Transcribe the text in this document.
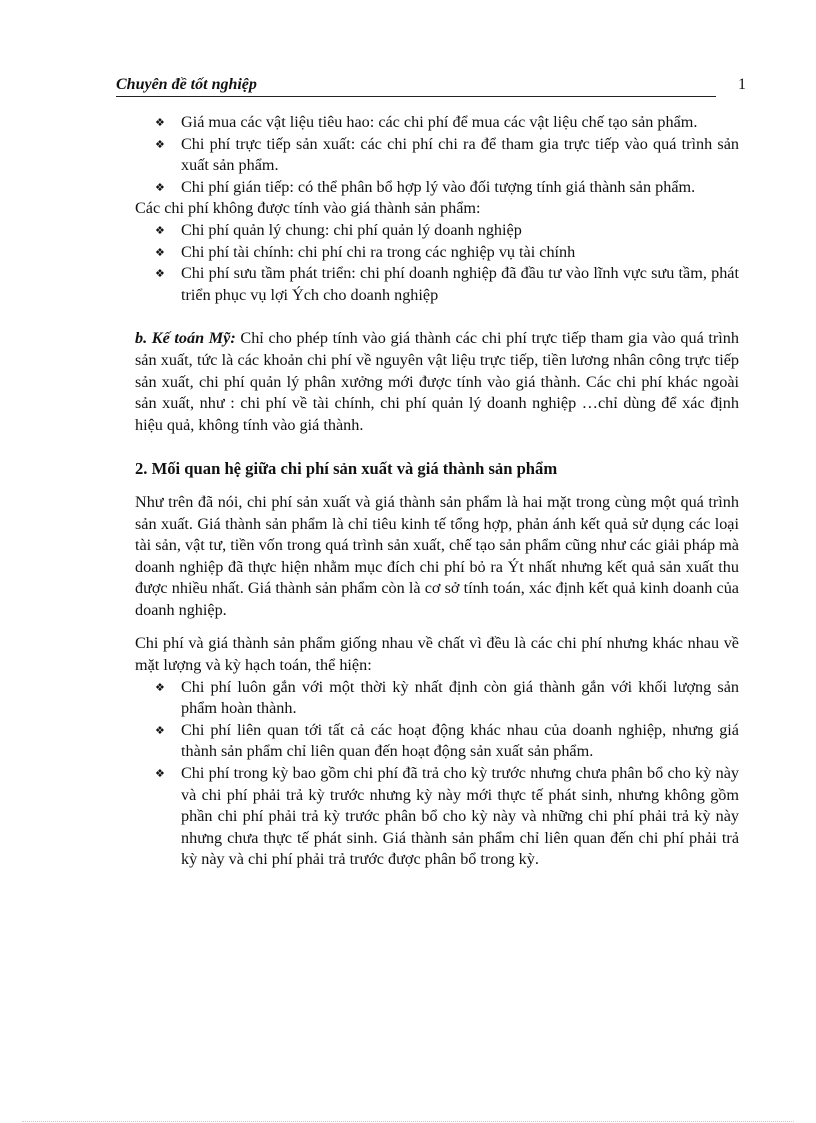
Chuyên đề tốt nghiệp	1
❖ Giá mua các vật liệu tiêu hao: các chi phí để mua các vật liệu chế tạo sản phẩm.
❖ Chi phí trực tiếp sản xuất: các chi phí chi ra để tham gia trực tiếp vào quá trình sản xuất sản phẩm.
❖ Chi phí gián tiếp: có thể phân bổ hợp lý vào đối tượng tính giá thành sản phẩm.

Các chi phí không được tính vào giá thành sản phẩm:

❖ Chi phí quản lý chung: chi phí quản lý doanh nghiệp
❖ Chi phí tài chính: chi phí chi ra trong các nghiệp vụ tài chính
❖ Chi phí sưu tầm phát triển: chi phí doanh nghiệp đã đầu tư vào lĩnh vực sưu tầm, phát triển phục vụ lợi Ých cho doanh nghiệp

b. Kế toán Mỹ: Chỉ cho phép tính vào giá thành các chi phí trực tiếp tham gia vào quá trình sản xuất, tức là các khoản chi phí về nguyên vật liệu trực tiếp, tiền lương nhân công trực tiếp sản xuất, chi phí quản lý phân xưởng mới được tính vào giá thành. Các chi phí khác ngoài sản xuất, như : chi phí về tài chính, chi phí quản lý doanh nghiệp …chỉ dùng để xác định hiệu quả, không tính vào giá thành.

2. Mối quan hệ giữa chi phí sản xuất và giá thành sản phẩm

Như trên đã nói, chi phí sản xuất và giá thành sản phẩm là hai mặt trong cùng một quá trình sản xuất. Giá thành sản phẩm là chỉ tiêu kinh tế tổng hợp, phản ánh kết quả sử dụng các loại tài sản, vật tư, tiền vốn trong quá trình sản xuất, chế tạo sản phẩm cũng như các giải pháp mà doanh nghiệp đã thực hiện nhằm mục đích chi phí bỏ ra Ýt nhất nhưng kết quả sản xuất thu được nhiều nhất. Giá thành sản phẩm còn là cơ sở tính toán, xác định kết quả kinh doanh của doanh nghiệp.

Chi phí và giá thành sản phẩm giống nhau về chất vì đều là các chi phí nhưng khác nhau về mặt lượng và kỳ hạch toán, thể hiện:

❖ Chi phí luôn gắn với một thời kỳ nhất định còn giá thành gắn với khối lượng sản phẩm hoàn thành.
❖ Chi phí liên quan tới tất cả các hoạt động khác nhau của doanh nghiệp, nhưng giá thành sản phẩm chỉ liên quan đến hoạt động sản xuất sản phẩm.
❖ Chi phí trong kỳ bao gồm chi phí đã trả cho kỳ trước nhưng chưa phân bổ cho kỳ này và chi phí phải trả kỳ trước nhưng kỳ này mới thực tế phát sinh, nhưng không gồm phần chi phí phải trả kỳ trước phân bổ cho kỳ này và những chi phí phải trả kỳ này nhưng chưa thực tế phát sinh. Giá thành sản phẩm chỉ liên quan đến chi phí phải trả kỳ này và chi phí phải trả trước được phân bổ trong kỳ.
